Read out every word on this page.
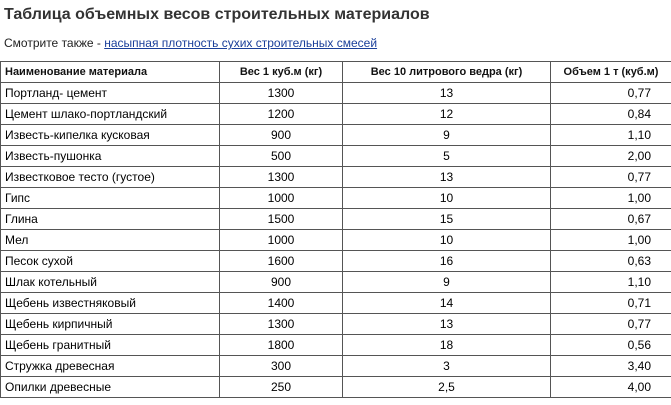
Таблица объемных весов строительных материалов
Смотрите также - насыпная плотность сухих строительных смесей
Наименование материала	Вес 1 куб.м (кг)	Вес 10 литрового ведра (кг)	Объем 1 т (куб.м)
Портланд- цемент	1300	13	0,77
Цемент шлако-портландский	1200	12	0,84
Известь-кипелка кусковая	900	9	1,10
Известь-пушонка	500	5	2,00
Известковое тесто (густое)	1300	13	0,77
Гипс	1000	10	1,00
Глина	1500	15	0,67
Мел	1000	10	1,00
Песок сухой	1600	16	0,63
Шлак котельный	900	9	1,10
Щебень известняковый	1400	14	0,71
Щебень кирпичный	1300	13	0,77
Щебень гранитный	1800	18	0,56
Стружка древесная	300	3	3,40
Опилки древесные	250	2,5	4,00
